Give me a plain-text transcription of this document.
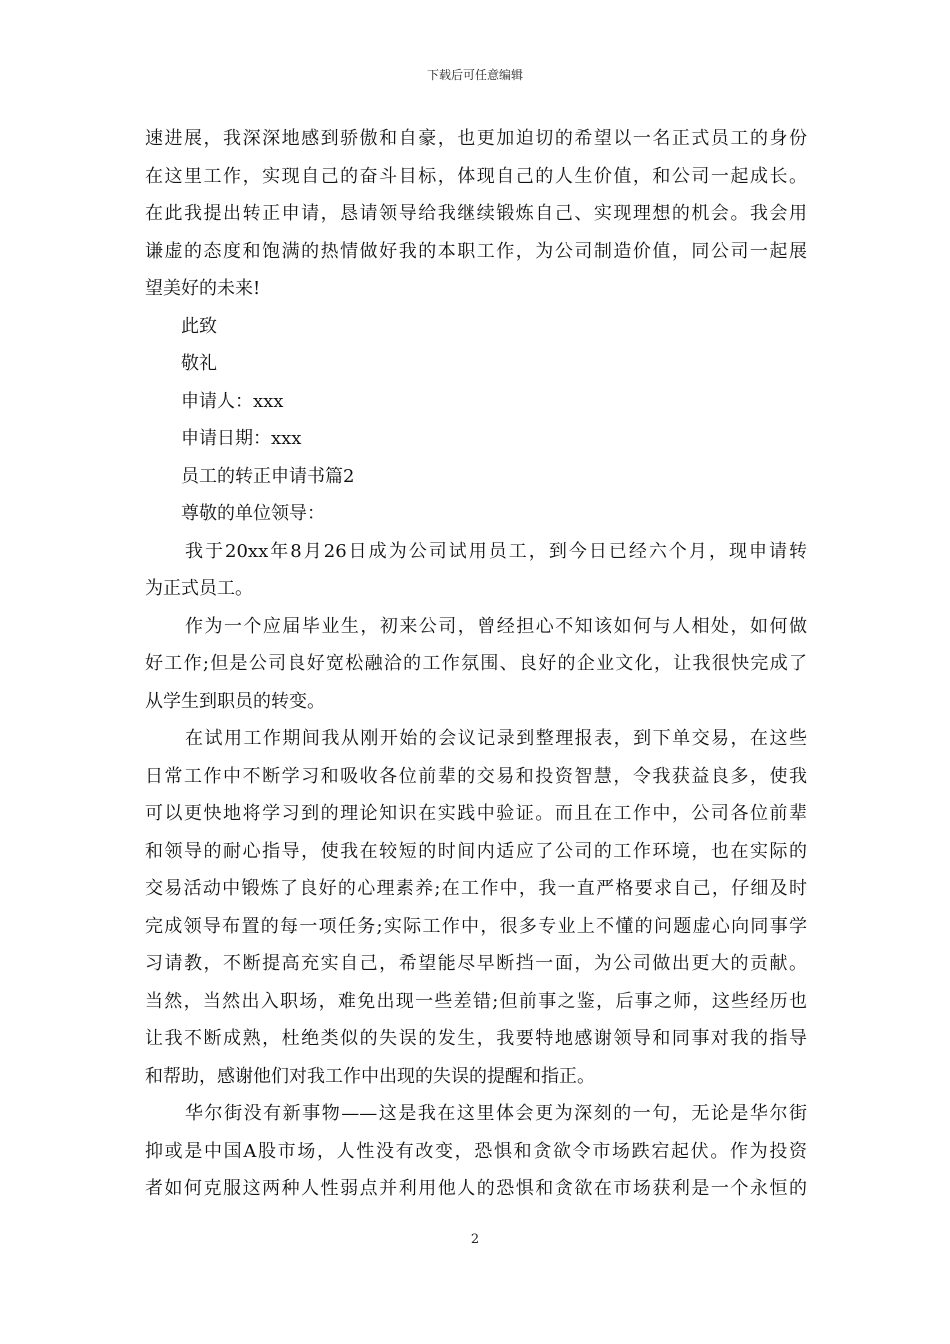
下载后可任意编辑
速进展，我深深地感到骄傲和自豪，也更加迫切的希望以一名正式员工的身份
在这里工作，实现自己的奋斗目标，体现自己的人生价值，和公司一起成长。
在此我提出转正申请，恳请领导给我继续锻炼自己、实现理想的机会。我会用
谦虚的态度和饱满的热情做好我的本职工作，为公司制造价值，同公司一起展
望美好的未来!
此致
敬礼
申请人：xxx
申请日期：xxx
员工的转正申请书篇2
尊敬的单位领导：
我于20xx年8月26日成为公司试用员工，到今日已经六个月，现申请转
为正式员工。
作为一个应届毕业生，初来公司，曾经担心不知该如何与人相处，如何做
好工作;但是公司良好宽松融洽的工作氛围、良好的企业文化，让我很快完成了
从学生到职员的转变。
在试用工作期间我从刚开始的会议记录到整理报表，到下单交易，在这些
日常工作中不断学习和吸收各位前辈的交易和投资智慧，令我获益良多，使我
可以更快地将学习到的理论知识在实践中验证。而且在工作中，公司各位前辈
和领导的耐心指导，使我在较短的时间内适应了公司的工作环境，也在实际的
交易活动中锻炼了良好的心理素养;在工作中，我一直严格要求自己，仔细及时
完成领导布置的每一项任务;实际工作中，很多专业上不懂的问题虚心向同事学
习请教，不断提高充实自己，希望能尽早断挡一面，为公司做出更大的贡献。
当然，当然出入职场，难免出现一些差错;但前事之鉴，后事之师，这些经历也
让我不断成熟，杜绝类似的失误的发生，我要特地感谢领导和同事对我的指导
和帮助，感谢他们对我工作中出现的失误的提醒和指正。
华尔街没有新事物——这是我在这里体会更为深刻的一句，无论是华尔街
抑或是中国A股市场，人性没有改变，恐惧和贪欲令市场跌宕起伏。作为投资
者如何克服这两种人性弱点并利用他人的恐惧和贪欲在市场获利是一个永恒的
2
